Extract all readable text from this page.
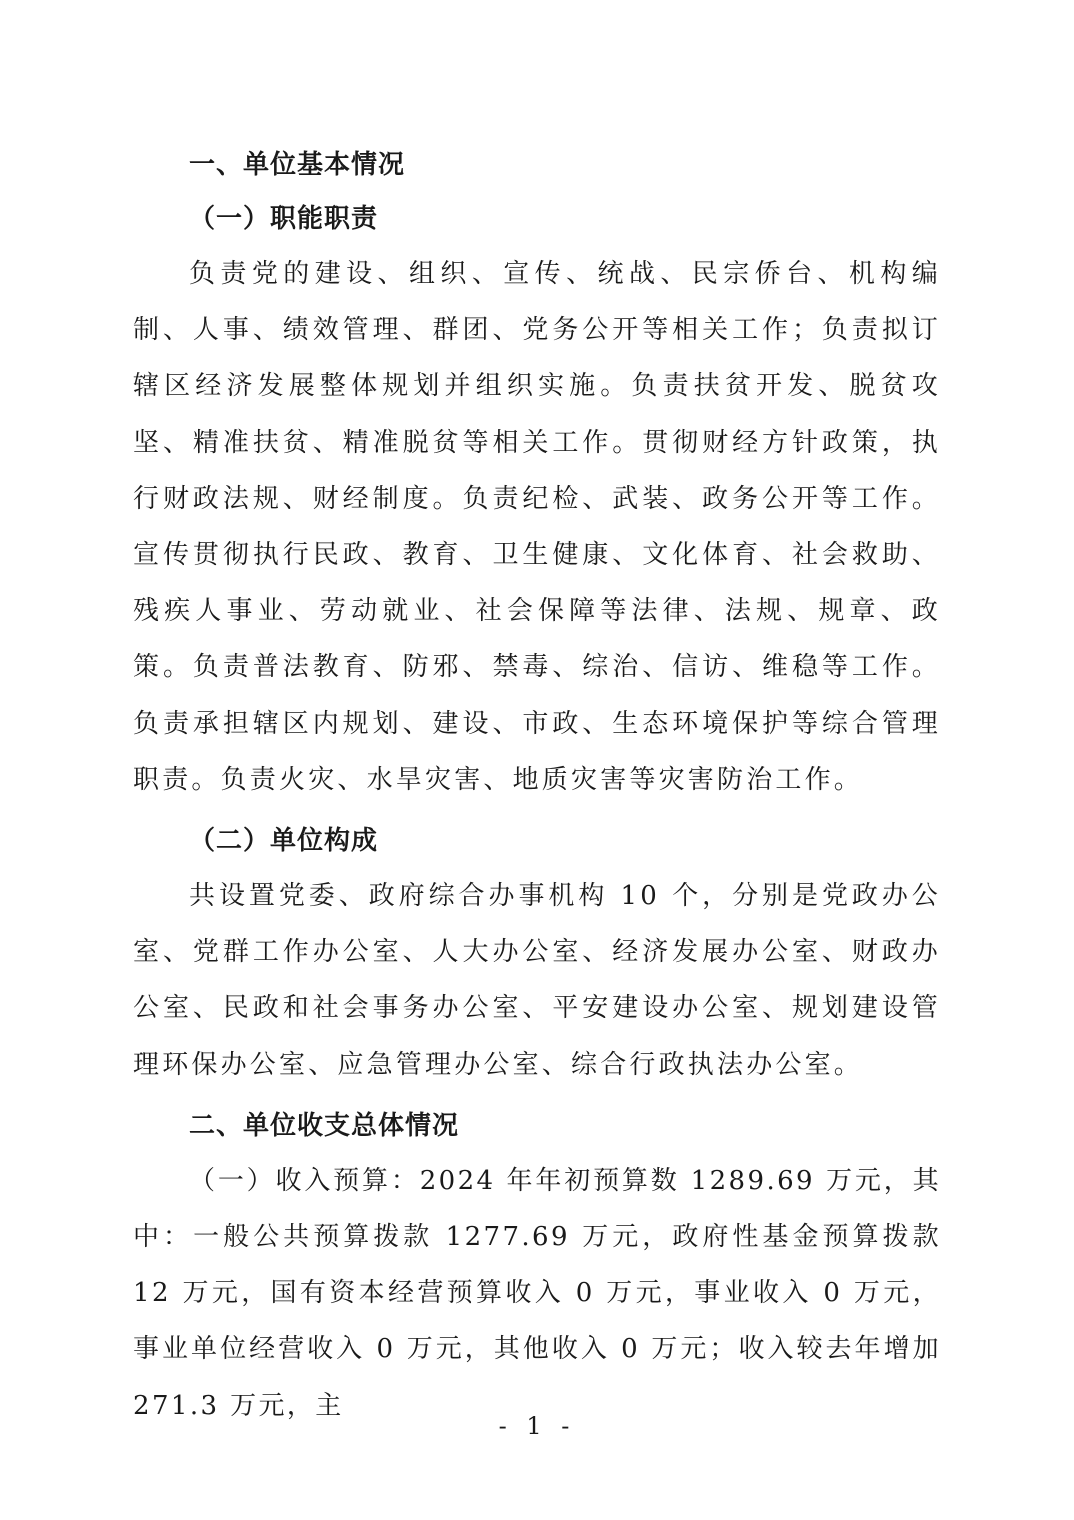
一、单位基本情况
（一）职能职责

负责党的建设、组织、宣传、统战、民宗侨台、机构编制、人事、绩效管理、群团、党务公开等相关工作；负责拟订辖区经济发展整体规划并组织实施。负责扶贫开发、脱贫攻坚、精准扶贫、精准脱贫等相关工作。贯彻财经方针政策，执行财政法规、财经制度。负责纪检、武装、政务公开等工作。宣传贯彻执行民政、教育、卫生健康、文化体育、社会救助、残疾人事业、劳动就业、社会保障等法律、法规、规章、政策。负责普法教育、防邪、禁毒、综治、信访、维稳等工作。负责承担辖区内规划、建设、市政、生态环境保护等综合管理职责。负责火灾、水旱灾害、地质灾害等灾害防治工作。

（二）单位构成

共设置党委、政府综合办事机构 10 个，分别是党政办公室、党群工作办公室、人大办公室、经济发展办公室、财政办公室、民政和社会事务办公室、平安建设办公室、规划建设管理环保办公室、应急管理办公室、综合行政执法办公室。

二、单位收支总体情况

（一）收入预算：2024 年年初预算数 1289.69 万元，其中：一般公共预算拨款 1277.69 万元，政府性基金预算拨款 12 万元，国有资本经营预算收入 0 万元，事业收入 0 万元，事业单位经营收入 0 万元，其他收入 0 万元；收入较去年增加 271.3 万元，主

- 1 -
